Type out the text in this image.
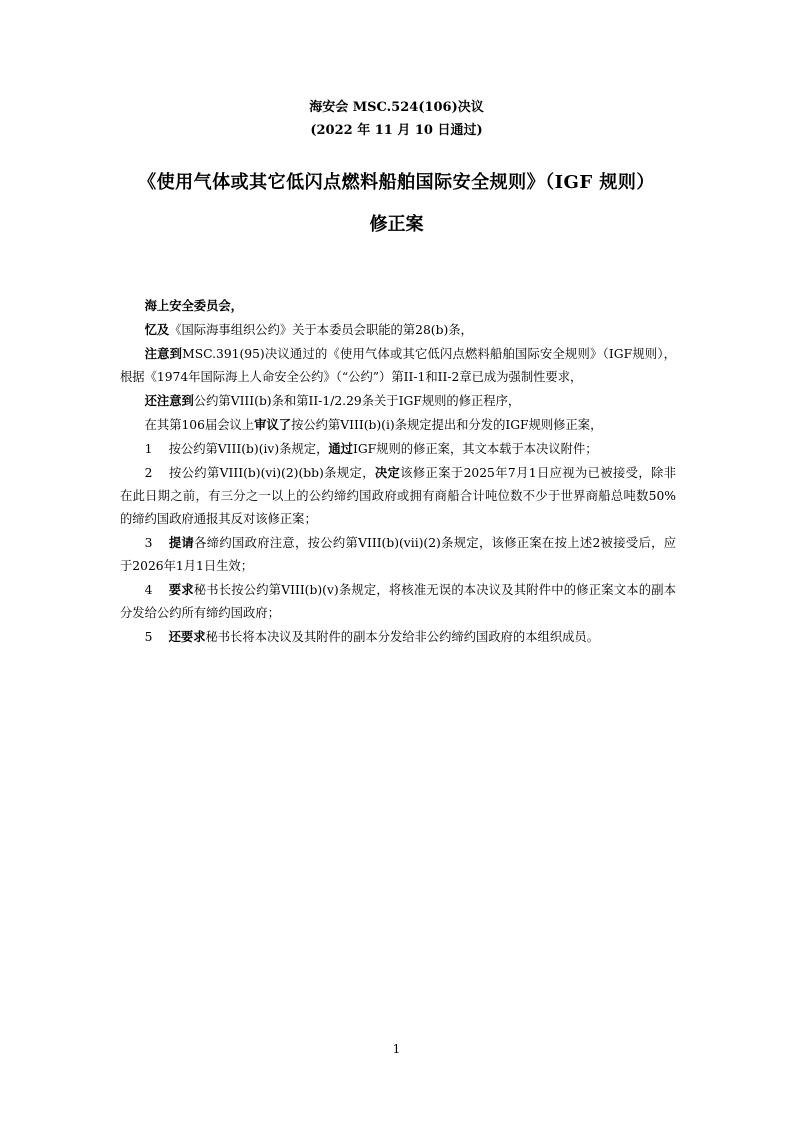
海安会 MSC.524(106)决议
(2022 年 11 月 10 日通过)
《使用气体或其它低闪点燃料船舶国际安全规则》（IGF 规则）
修正案

海上安全委员会，

忆及《国际海事组织公约》关于本委员会职能的第28(b)条，

注意到MSC.391(95)决议通过的《使用气体或其它低闪点燃料船舶国际安全规则》（IGF规则），根据《1974年国际海上人命安全公约》（“公约”）第II-1和II-2章已成为强制性要求，

还注意到公约第VIII(b)条和第II-1/2.29条关于IGF规则的修正程序，

在其第106届会议上审议了按公约第VIII(b)(i)条规定提出和分发的IGF规则修正案，

1 按公约第VIII(b)(iv)条规定，通过IGF规则的修正案，其文本载于本决议附件；

2 按公约第VIII(b)(vi)(2)(bb)条规定，决定该修正案于2025年7月1日应视为已被接受，除非在此日期之前，有三分之一以上的公约缔约国政府或拥有商船合计吨位数不少于世界商船总吨数50%的缔约国政府通报其反对该修正案；

3 提请各缔约国政府注意，按公约第VIII(b)(vii)(2)条规定，该修正案在按上述2被接受后，应于2026年1月1日生效；

4 要求秘书长按公约第VIII(b)(v)条规定，将核准无误的本决议及其附件中的修正案文本的副本分发给公约所有缔约国政府；

5 还要求秘书长将本决议及其附件的副本分发给非公约缔约国政府的本组织成员。

1
